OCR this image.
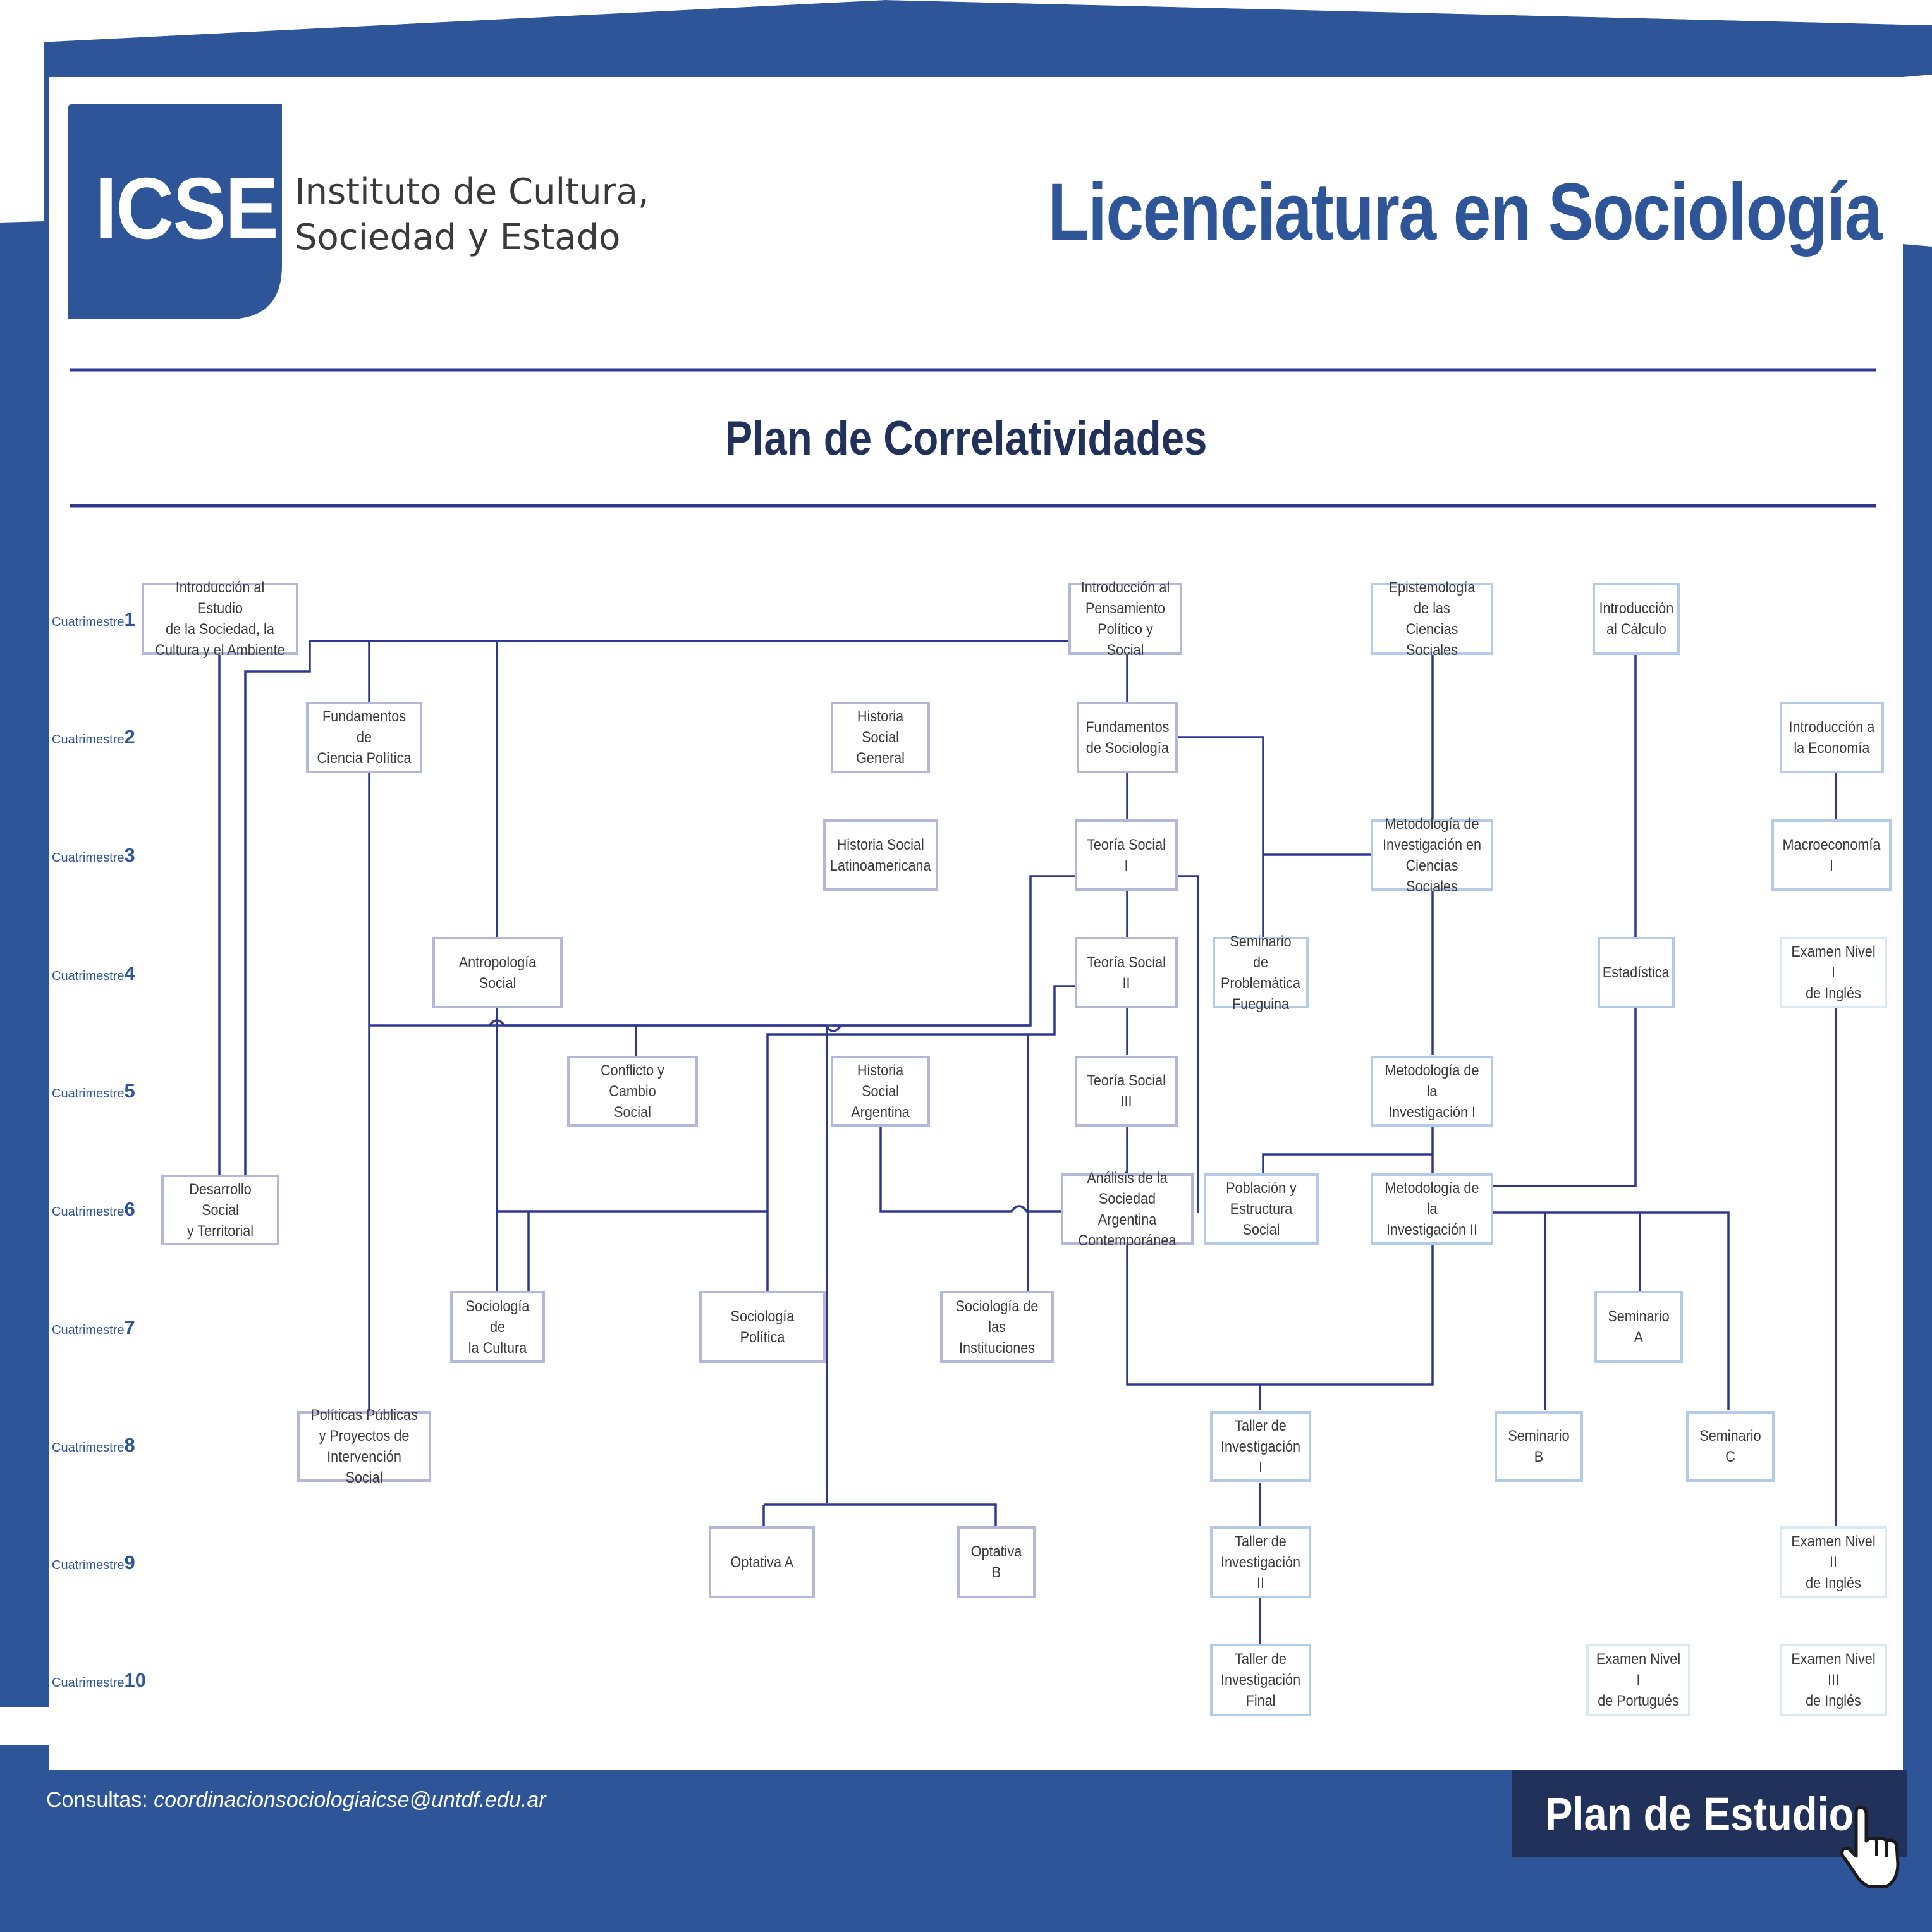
ICSE Instituto de Cultura,
Sociedad y Estado	Licenciatura en Sociología
Plan de Correlatividades
Cuatrimestre1
Cuatrimestre2
Cuatrimestre3
Cuatrimestre4
Cuatrimestre5
Cuatrimestre6
Cuatrimestre7
Cuatrimestre8
Cuatrimestre9
Cuatrimestre10
Introducción al Estudio
de la Sociedad, la
Cultura y el Ambiente
Introducción al
Pensamiento
Político y Social
Epistemología
de las
Ciencias Sociales
Introducción
al Cálculo
Fundamentos de
Ciencia Política
Historia Social
General
Fundamentos
de Sociología
Introducción a
la Economía
Historia Social
Latinoamericana
Teoría Social I
Metodología de
Investigación en
Ciencias Sociales
Macroeconomía I
Antropología Social
Teoría Social II
Seminario de
Problemática
Fueguina
Estadística
Examen Nivel I
de Inglés
Conflicto y Cambio
Social
Historia Social
Argentina
Teoría Social III
Metodología de la
Investigación I
Desarrollo Social
y Territorial
Análisis de la
Sociedad Argentina
Contemporánea
Población y
Estructura Social
Metodología de la
Investigación II
Sociología de
la Cultura
Sociología Política
Sociología de
las Instituciones
Seminario A
Políticas Públicas
y Proyectos de
Intervención Social
Taller de
Investigación I
Seminario B
Seminario C
Optativa A
Optativa B
Taller de
Investigación II
Examen Nivel II
de Inglés
Taller de
Investigación
Final
Examen Nivel I
de Portugués
Examen Nivel III
de Inglés
Consultas: coordinacionsociologiaicse@untdf.edu.ar	Plan de Estudio
